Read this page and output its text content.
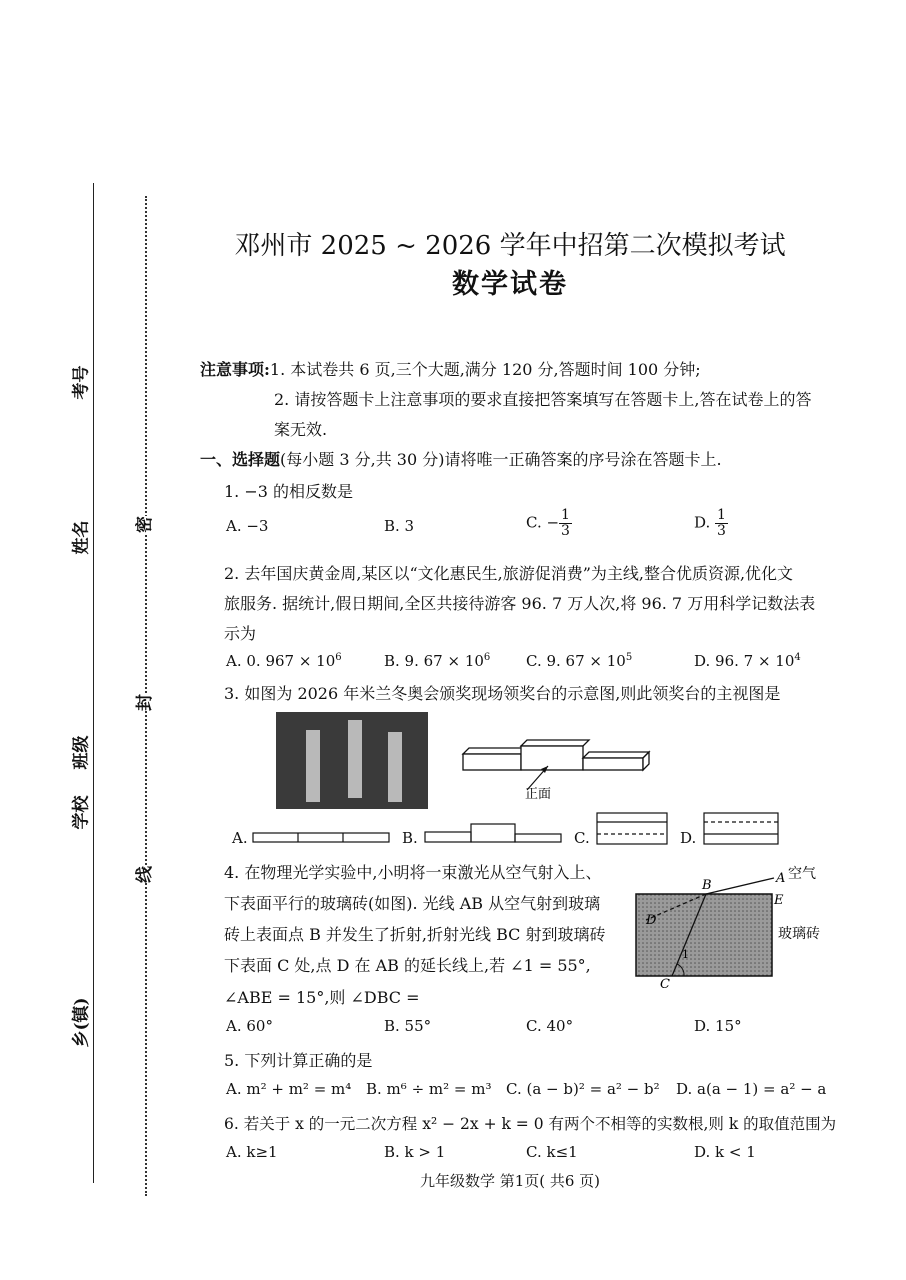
考号
姓名
班级
学校
乡(镇)
密
封
线
邓州市 2025 ~ 2026 学年中招第二次模拟考试
数学试卷
注意事项:1. 本试卷共 6 页,三个大题,满分 120 分,答题时间 100 分钟;
2. 请按答题卡上注意事项的要求直接把答案填写在答题卡上,答在试卷上的答
案无效.
一、选择题(每小题 3 分,共 30 分)请将唯一正确答案的序号涂在答题卡上.
1. −3 的相反数是
A. −3	B. 3	C. − $\frac{1}{3}$	D. $\frac{1}{3}$
2. 去年国庆黄金周,某区以“文化惠民生,旅游促消费”为主线,整合优质资源,优化文
旅服务. 据统计,假日期间,全区共接待游客 96. 7 万人次,将 96. 7 万用科学记数法表
示为
A. 0. $967 \times 10^6$	B. 9. $67 \times 10^6$ C. 9. $67 \times 10^5$	D. 96. $7 \times 10^4$
3. 如图为 2026 年米兰冬奥会颁奖现场领奖台的示意图,则此领奖台的主视图是
正面
A.	B.	C.	D.
4. 在物理光学实验中,小明将一束激光从空气射入上、
下表面平行的玻璃砖(如图). 光线 AB 从空气射到玻璃
砖上表面点 B 并发生了折射,折射光线 BC 射到玻璃砖
下表面 C 处,点 D 在 AB 的延长线上,若 ∠1 = 55°,
∠ABE = 15°,则 ∠DBC =
A
B
C
D
E
1
空气
玻璃砖
A. 60°	B. 55°	C. 40°	D. 15°
5. 下列计算正确的是
A. m² + m² = m⁴ B. m⁶ ÷ m² = m³ C. (a − b)² = a² − b² D. a(a − 1) = a² − a
6. 若关于 x 的一元二次方程 x² − 2x + k = 0 有两个不相等的实数根,则 k 的取值范围为
A. k≥1	B. k > 1	C. k≤1	D. k < 1
九年级数学 第1页( 共6 页)
